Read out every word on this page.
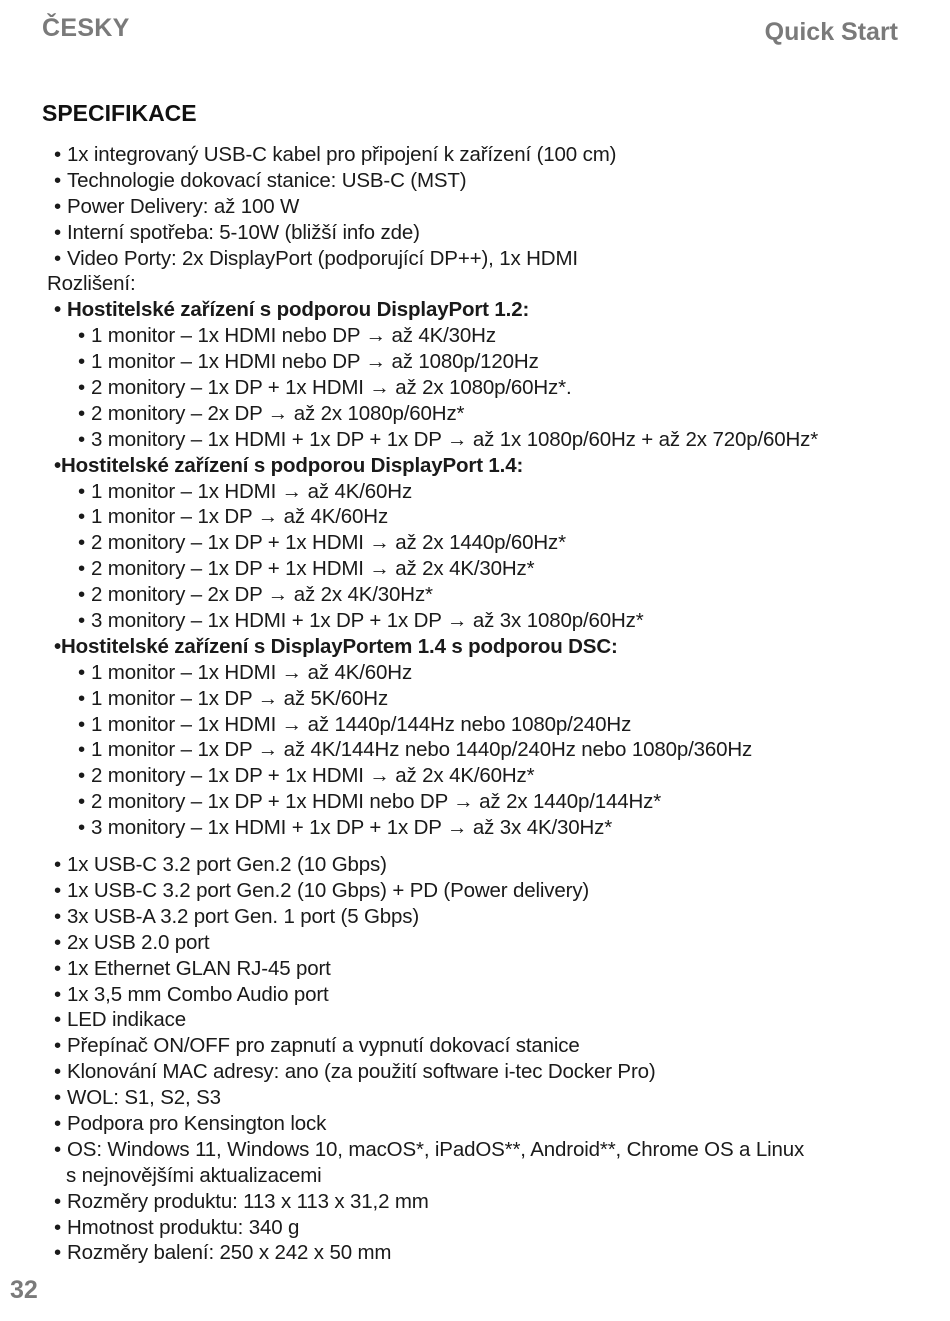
ČESKY	Quick Start
SPECIFIKACE
• 1x integrovaný USB-C kabel pro připojení k zařízení (100 cm)
• Technologie dokovací stanice: USB-C (MST)
• Power Delivery: až 100 W
• Interní spotřeba: 5-10W (bližší info zde)
• Video Porty: 2x DisplayPort (podporující DP++), 1x HDMI
Rozlišení:
• Hostitelské zařízení s podporou DisplayPort 1.2:
• 1 monitor – 1x HDMI nebo DP → až 4K/30Hz
• 1 monitor – 1x HDMI nebo DP → až 1080p/120Hz
• 2 monitory – 1x DP + 1x HDMI → až 2x 1080p/60Hz*.
• 2 monitory – 2x DP → až 2x 1080p/60Hz*
• 3 monitory – 1x HDMI + 1x DP + 1x DP → až 1x 1080p/60Hz + až 2x 720p/60Hz*
•Hostitelské zařízení s podporou DisplayPort 1.4:
• 1 monitor – 1x HDMI → až 4K/60Hz
• 1 monitor – 1x DP → až 4K/60Hz
• 2 monitory – 1x DP + 1x HDMI → až 2x 1440p/60Hz*
• 2 monitory – 1x DP + 1x HDMI → až 2x 4K/30Hz*
• 2 monitory – 2x DP → až 2x 4K/30Hz*
• 3 monitory – 1x HDMI + 1x DP + 1x DP → až 3x 1080p/60Hz*
•Hostitelské zařízení s DisplayPortem 1.4 s podporou DSC:
• 1 monitor – 1x HDMI → až 4K/60Hz
• 1 monitor – 1x DP → až 5K/60Hz
• 1 monitor – 1x HDMI → až 1440p/144Hz nebo 1080p/240Hz
• 1 monitor – 1x DP → až 4K/144Hz nebo 1440p/240Hz nebo 1080p/360Hz
• 2 monitory – 1x DP + 1x HDMI → až 2x 4K/60Hz*
• 2 monitory – 1x DP + 1x HDMI nebo DP → až 2x 1440p/144Hz*
• 3 monitory – 1x HDMI + 1x DP + 1x DP → až 3x 4K/30Hz*
• 1x USB-C 3.2 port Gen.2 (10 Gbps)
• 1x USB-C 3.2 port Gen.2 (10 Gbps) + PD (Power delivery)
• 3x USB-A 3.2 port Gen. 1 port (5 Gbps)
• 2x USB 2.0 port
• 1x Ethernet GLAN RJ-45 port
• 1x 3,5 mm Combo Audio port
• LED indikace
• Přepínač ON/OFF pro zapnutí a vypnutí dokovací stanice
• Klonování MAC adresy: ano (za použití software i-tec Docker Pro)
• WOL: S1, S2, S3
• Podpora pro Kensington lock
• OS: Windows 11, Windows 10, macOS*, iPadOS**, Android**, Chrome OS a Linux
s nejnovějšími aktualizacemi
• Rozměry produktu: 113 x 113 x 31,2 mm
• Hmotnost produktu: 340 g
• Rozměry balení: 250 x 242 x 50 mm
32
